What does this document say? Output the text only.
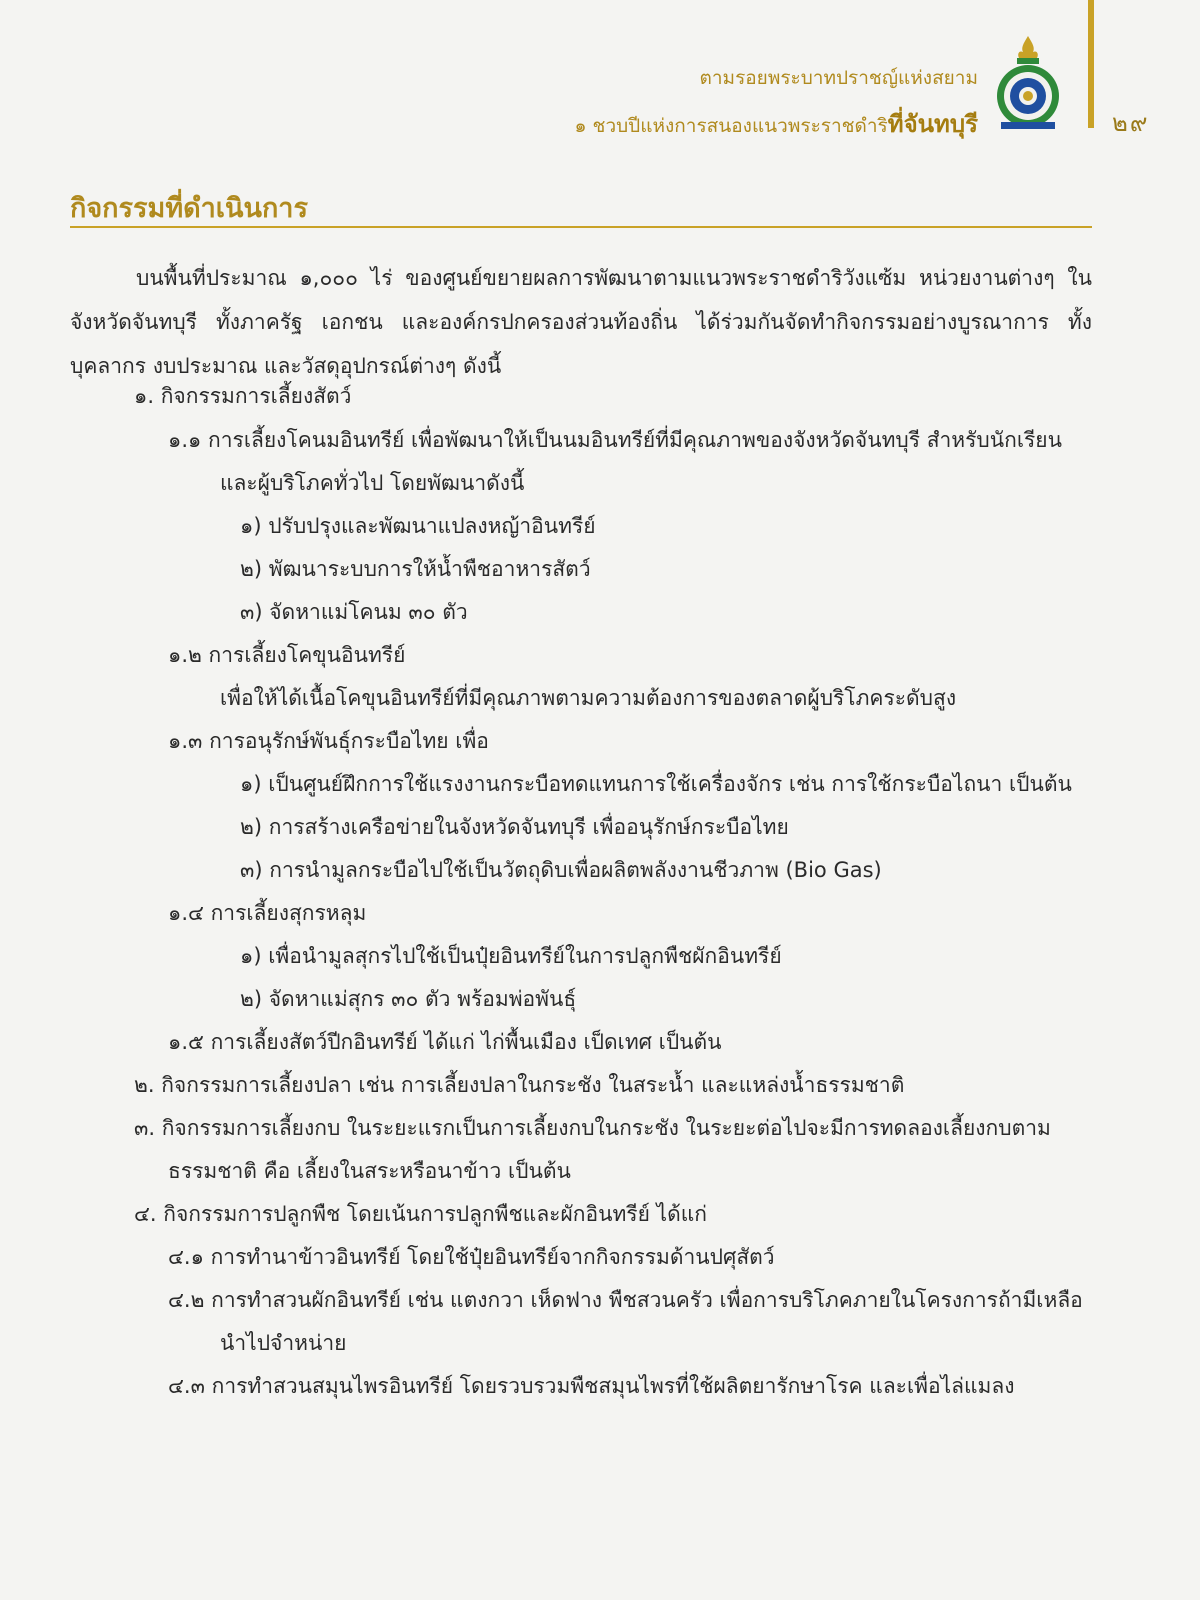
ตามรอยพระบาทปราชญ์แห่งสยาม
๑ ชวบปีแห่งการสนองแนวพระราชดำริที่จันทบุรี	๒๙
กิจกรรมที่ดำเนินการ
บนพื้นที่ประมาณ ๑,๐๐๐ ไร่ ของศูนย์ขยายผลการพัฒนาตามแนวพระราชดำริวังแซ้ม หน่วยงานต่างๆ ในจังหวัดจันทบุรี ทั้งภาครัฐ เอกชน และองค์กรปกครองส่วนท้องถิ่น ได้ร่วมกันจัดทำกิจกรรมอย่างบูรณาการ ทั้งบุคลากร งบประมาณ และวัสดุอุปกรณ์ต่างๆ ดังนี้
๑. กิจกรรมการเลี้ยงสัตว์
๑.๑ การเลี้ยงโคนมอินทรีย์ เพื่อพัฒนาให้เป็นนมอินทรีย์ที่มีคุณภาพของจังหวัดจันทบุรี สำหรับนักเรียน
และผู้บริโภคทั่วไป โดยพัฒนาดังนี้
๑) ปรับปรุงและพัฒนาแปลงหญ้าอินทรีย์
๒) พัฒนาระบบการให้น้ำพืชอาหารสัตว์
๓) จัดหาแม่โคนม ๓๐ ตัว
๑.๒ การเลี้ยงโคขุนอินทรีย์
เพื่อให้ได้เนื้อโคขุนอินทรีย์ที่มีคุณภาพตามความต้องการของตลาดผู้บริโภคระดับสูง
๑.๓ การอนุรักษ์พันธุ์กระบือไทย เพื่อ
๑) เป็นศูนย์ฝึกการใช้แรงงานกระบือทดแทนการใช้เครื่องจักร เช่น การใช้กระบือไถนา เป็นต้น
๒) การสร้างเครือข่ายในจังหวัดจันทบุรี เพื่ออนุรักษ์กระบือไทย
๓) การนำมูลกระบือไปใช้เป็นวัตถุดิบเพื่อผลิตพลังงานชีวภาพ (Bio Gas)
๑.๔ การเลี้ยงสุกรหลุม
๑) เพื่อนำมูลสุกรไปใช้เป็นปุ๋ยอินทรีย์ในการปลูกพืชผักอินทรีย์
๒) จัดหาแม่สุกร ๓๐ ตัว พร้อมพ่อพันธุ์
๑.๕ การเลี้ยงสัตว์ปีกอินทรีย์ ได้แก่ ไก่พื้นเมือง เป็ดเทศ เป็นต้น
๒. กิจกรรมการเลี้ยงปลา เช่น การเลี้ยงปลาในกระชัง ในสระน้ำ และแหล่งน้ำธรรมชาติ
๓. กิจกรรมการเลี้ยงกบ ในระยะแรกเป็นการเลี้ยงกบในกระชัง ในระยะต่อไปจะมีการทดลองเลี้ยงกบตาม
ธรรมชาติ คือ เลี้ยงในสระหรือนาข้าว เป็นต้น
๔. กิจกรรมการปลูกพืช โดยเน้นการปลูกพืชและผักอินทรีย์ ได้แก่
๔.๑ การทำนาข้าวอินทรีย์ โดยใช้ปุ๋ยอินทรีย์จากกิจกรรมด้านปศุสัตว์
๔.๒ การทำสวนผักอินทรีย์ เช่น แตงกวา เห็ดฟาง พืชสวนครัว เพื่อการบริโภคภายในโครงการถ้ามีเหลือ
นำไปจำหน่าย
๔.๓ การทำสวนสมุนไพรอินทรีย์ โดยรวบรวมพืชสมุนไพรที่ใช้ผลิตยารักษาโรค และเพื่อไล่แมลง
